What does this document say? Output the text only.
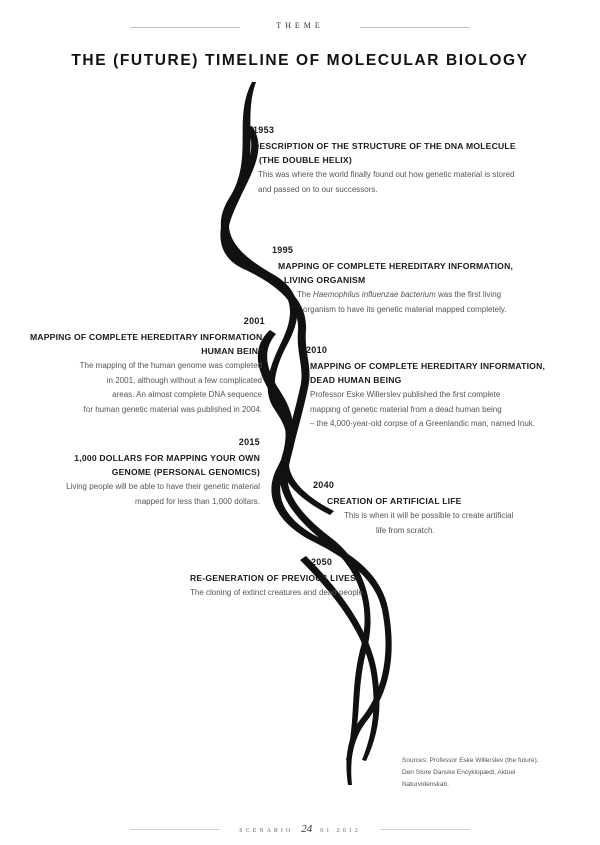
THEME
THE (FUTURE) TIMELINE OF MOLECULAR BIOLOGY
1953
DESCRIPTION OF THE STRUCTURE OF THE DNA MOLECULE
(THE DOUBLE HELIX)
This was where the world finally found out how genetic material is stored
and passed on to our successors.
1995
MAPPING OF COMPLETE HEREDITARY INFORMATION,
LIVING ORGANISM
The Haemophilus influenzae bacterium was the first living
organism to have its genetic material mapped completely.
2001
MAPPING OF COMPLETE HEREDITARY INFORMATION,
HUMAN BEING
The mapping of the human genome was completed
in 2001, although without a few complicated
areas. An almost complete DNA sequence
for human genetic material was published in 2004.
2010
MAPPING OF COMPLETE HEREDITARY INFORMATION,
DEAD HUMAN BEING
Professor Eske Willerslev published the first complete
mapping of genetic material from a dead human being
– the 4,000-year-old corpse of a Greenlandic man, named Inuk.
2015
1,000 DOLLARS FOR MAPPING YOUR OWN
GENOME (PERSONAL GENOMICS)
Living people will be able to have their genetic material
mapped for less than 1,000 dollars.
2040
CREATION OF ARTIFICIAL LIFE
This is when it will be possible to create artificial
life from scratch.
2050
RE-GENERATION OF PREVIOUS LIVES
The cloning of extinct creatures and dead people.
Sources: Professor Eske Willerslev (the future),
Den Store Danske Encyklopædi, Aktuel
Naturvidenskab.
SCENARIO 24 01 2012
